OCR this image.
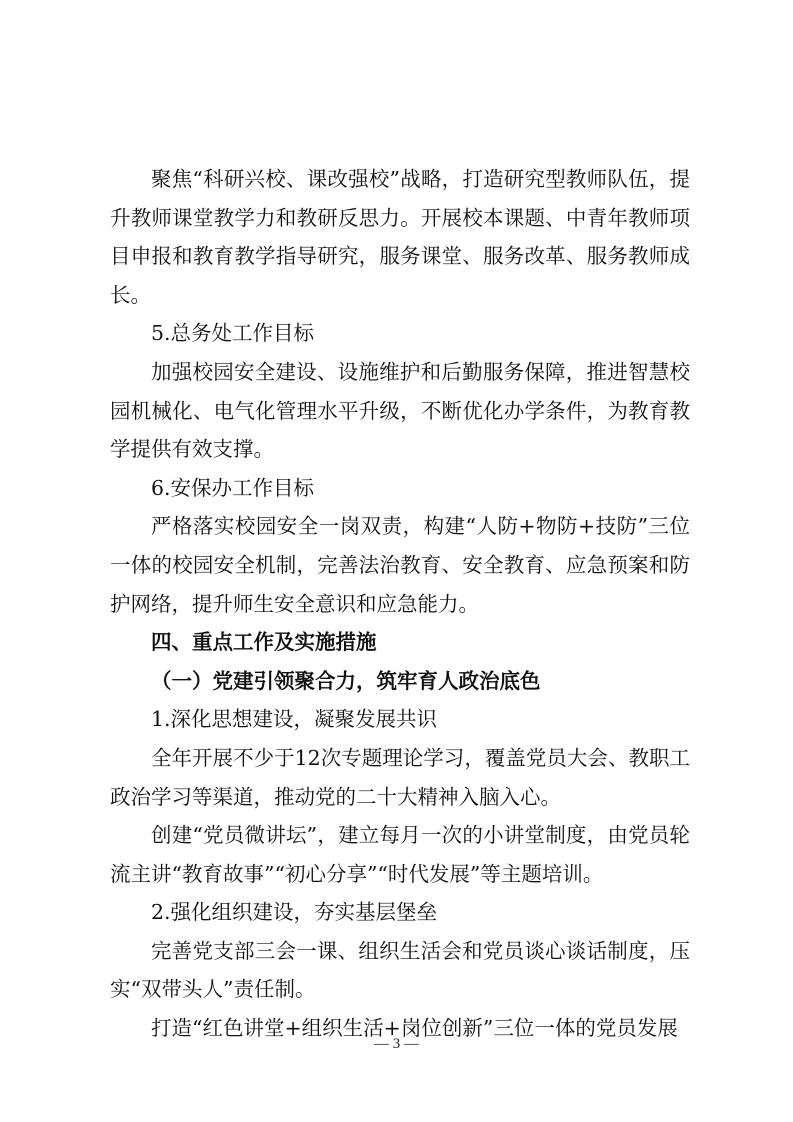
聚焦“科研兴校、课改强校”战略，打造研究型教师队伍，提升教师课堂教学力和教研反思力。开展校本课题、中青年教师项目申报和教育教学指导研究，服务课堂、服务改革、服务教师成长。

5.总务处工作目标

加强校园安全建设、设施维护和后勤服务保障，推进智慧校园机械化、电气化管理水平升级，不断优化办学条件，为教育教学提供有效支撑。

6.安保办工作目标

严格落实校园安全一岗双责，构建“人防+物防+技防”三位一体的校园安全机制，完善法治教育、安全教育、应急预案和防护网络，提升师生安全意识和应急能力。

四、重点工作及实施措施

（一）党建引领聚合力，筑牢育人政治底色

1.深化思想建设，凝聚发展共识

全年开展不少于12次专题理论学习，覆盖党员大会、教职工政治学习等渠道，推动党的二十大精神入脑入心。

创建“党员微讲坛”，建立每月一次的小讲堂制度，由党员轮流主讲“教育故事”“初心分享”“时代发展”等主题培训。

2.强化组织建设，夯实基层堡垒

完善党支部三会一课、组织生活会和党员谈心谈话制度，压实“双带头人”责任制。

打造“红色讲堂+组织生活+岗位创新”三位一体的党员发展

— 3 —
